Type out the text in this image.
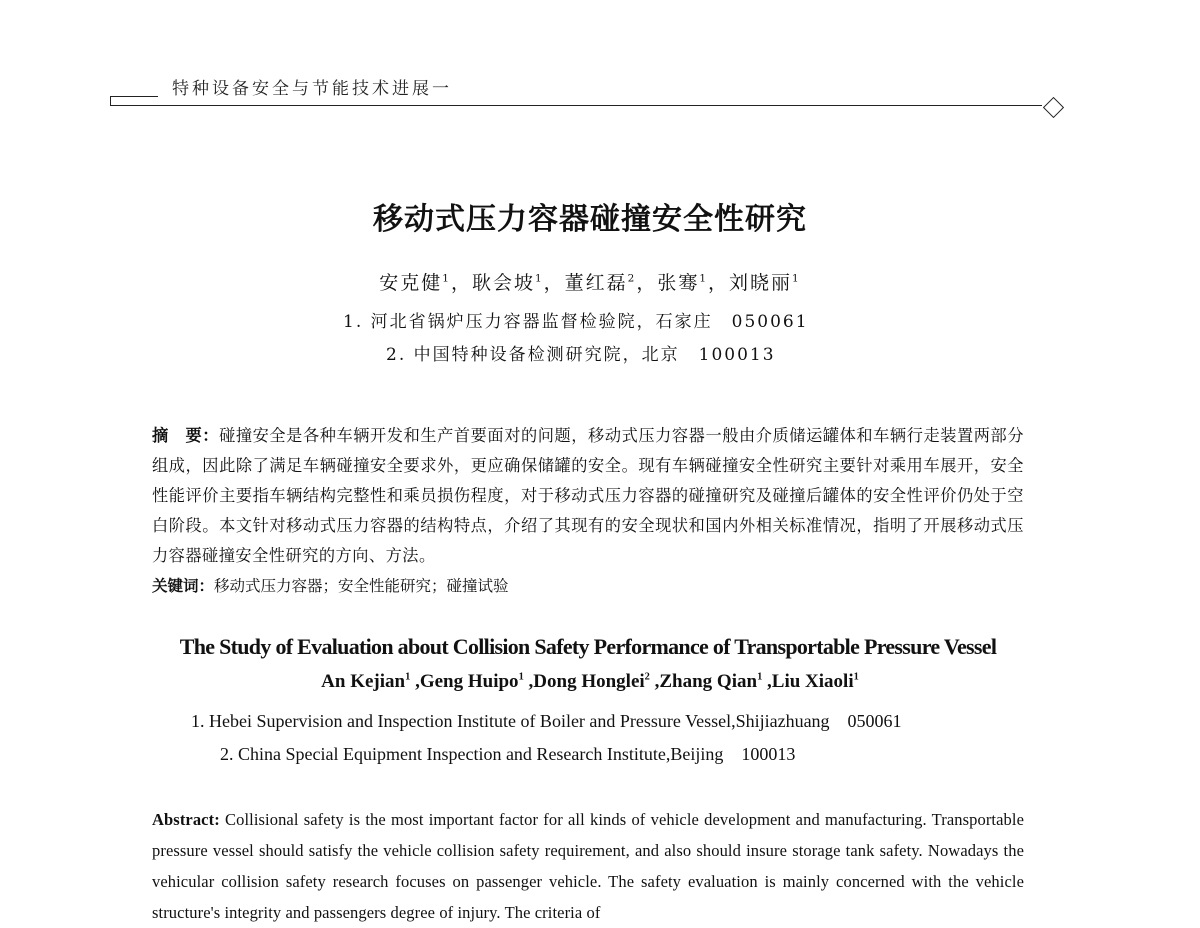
特种设备安全与节能技术进展一
移动式压力容器碰撞安全性研究
安克健$^1$，耿会坡$^1$，董红磊$^2$，张骞$^1$，刘晓丽$^1$
1. 河北省锅炉压力容器监督检验院，石家庄　050061
2. 中国特种设备检测研究院，北京　100013
摘　要：碰撞安全是各种车辆开发和生产首要面对的问题，移动式压力容器一般由介质储运罐体和车辆行走装置两部分组成，因此除了满足车辆碰撞安全要求外，更应确保储罐的安全。现有车辆碰撞安全性研究主要针对乘用车展开，安全性能评价主要指车辆结构完整性和乘员损伤程度，对于移动式压力容器的碰撞研究及碰撞后罐体的安全性评价仍处于空白阶段。本文针对移动式压力容器的结构特点，介绍了其现有的安全现状和国内外相关标准情况，指明了开展移动式压力容器碰撞安全性研究的方向、方法。
关键词：移动式压力容器；安全性能研究；碰撞试验
The Study of Evaluation about Collision Safety Performance of Transportable Pressure Vessel
An Kejian$^1$ ,Geng Huipo$^1$ ,Dong Honglei$^2$ ,Zhang Qian$^1$ ,Liu Xiaoli$^1$
1. Hebei Supervision and Inspection Institute of Boiler and Pressure Vessel,Shijiazhuang　050061
2. China Special Equipment Inspection and Research Institute,Beijing　100013
Abstract: Collisional safety is the most important factor for all kinds of vehicle development and manufacturing. Transportable pressure vessel should satisfy the vehicle collision safety requirement, and also should insure storage tank safety. Nowadays the vehicular collision safety research focuses on passenger vehicle. The safety evaluation is mainly concerned with the vehicle structure's integrity and passengers degree of injury. The criteria of
